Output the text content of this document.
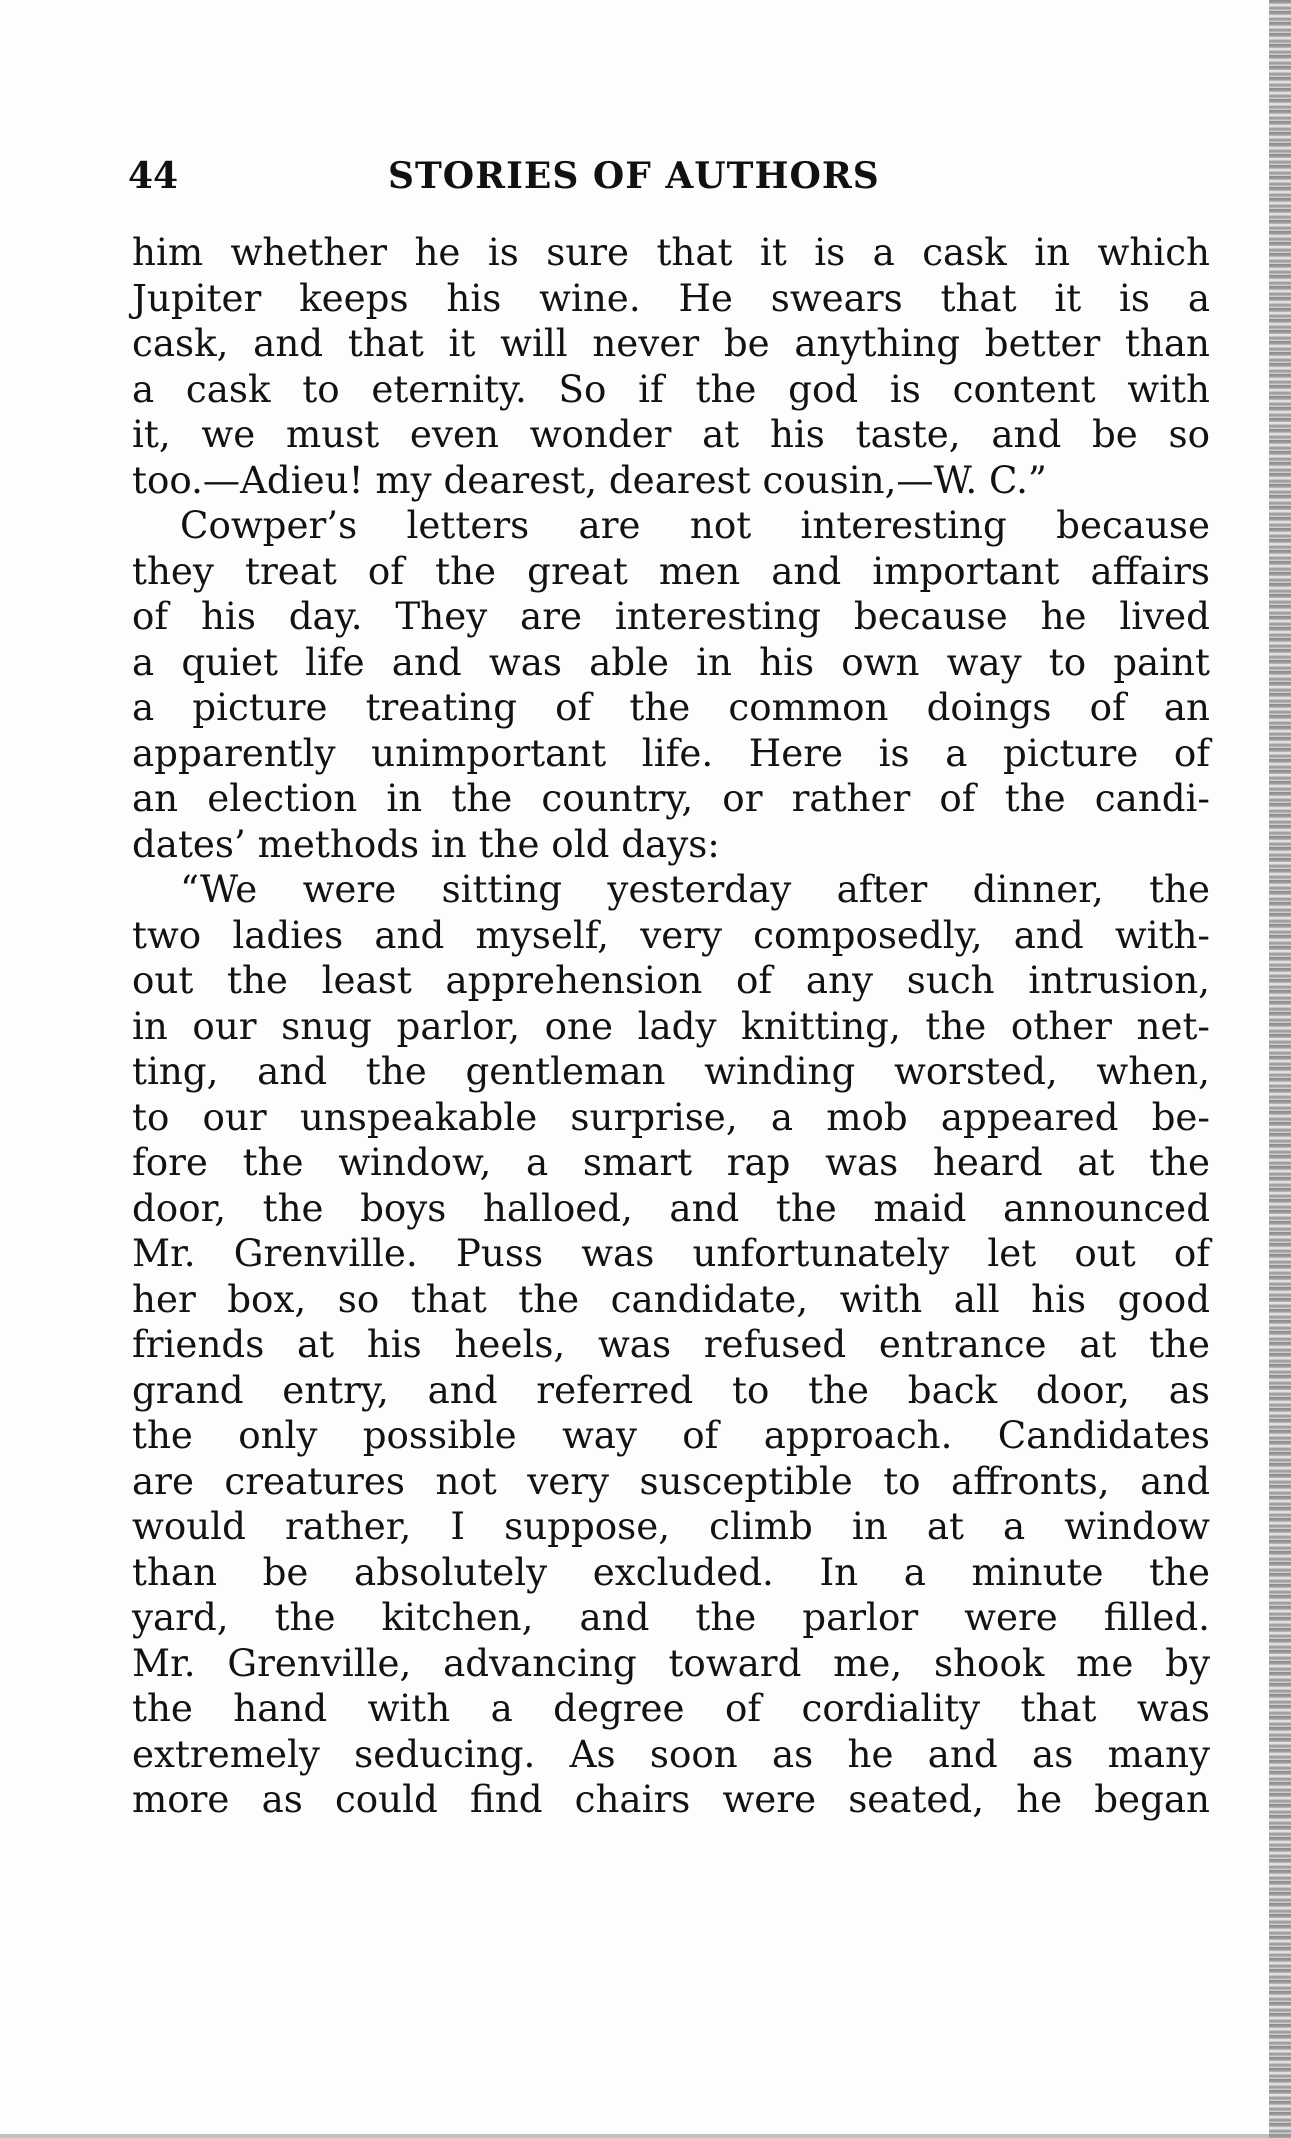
44	STORIES OF AUTHORS
him whether he is sure that it is a cask in which
Jupiter keeps his wine. He swears that it is a
cask, and that it will never be anything better than
a cask to eternity. So if the god is content with
it, we must even wonder at his taste, and be so
too.—Adieu! my dearest, dearest cousin,—W. C.”
Cowper’s letters are not interesting because
they treat of the great men and important affairs
of his day. They are interesting because he lived
a quiet life and was able in his own way to paint
a picture treating of the common doings of an
apparently unimportant life. Here is a picture of
an election in the country, or rather of the candi-
dates’ methods in the old days:
“We were sitting yesterday after dinner, the
two ladies and myself, very composedly, and with-
out the least apprehension of any such intrusion,
in our snug parlor, one lady knitting, the other net-
ting, and the gentleman winding worsted, when,
to our unspeakable surprise, a mob appeared be-
fore the window, a smart rap was heard at the
door, the boys halloed, and the maid announced
Mr. Grenville. Puss was unfortunately let out of
her box, so that the candidate, with all his good
friends at his heels, was refused entrance at the
grand entry, and referred to the back door, as
the only possible way of approach. Candidates
are creatures not very susceptible to affronts, and
would rather, I suppose, climb in at a window
than be absolutely excluded. In a minute the
yard, the kitchen, and the parlor were filled.
Mr. Grenville, advancing toward me, shook me by
the hand with a degree of cordiality that was
extremely seducing. As soon as he and as many
more as could find chairs were seated, he began
